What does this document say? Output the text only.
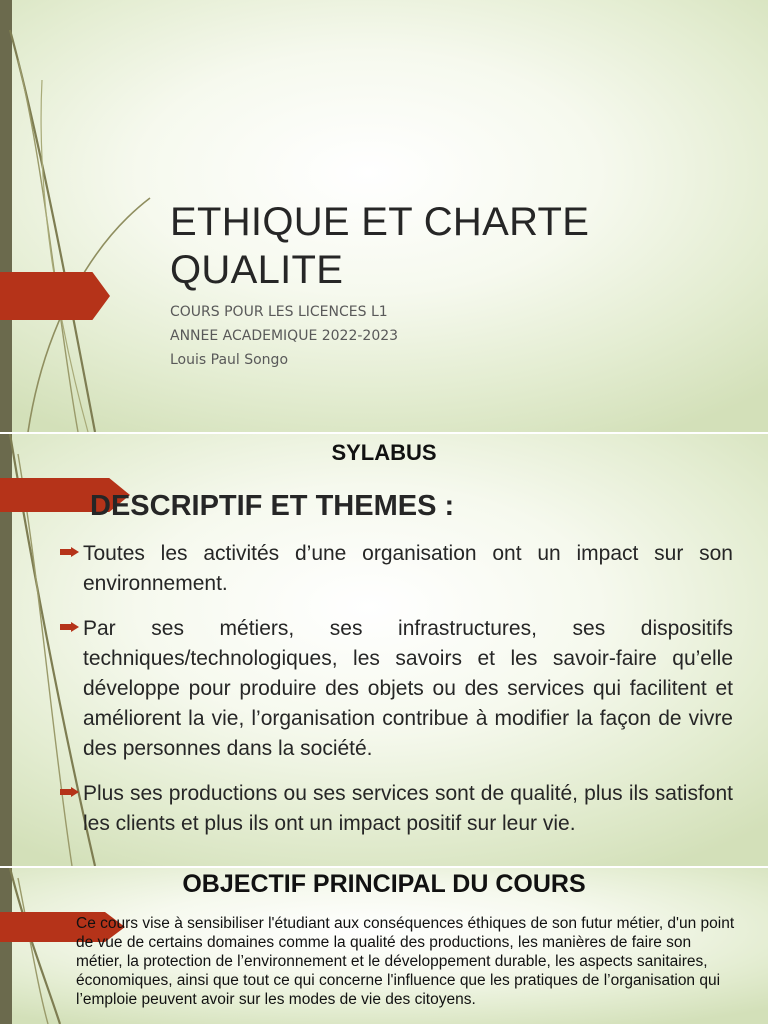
ETHIQUE ET CHARTE
QUALITE
COURS POUR LES LICENCES L1
ANNEE ACADEMIQUE 2022-2023
Louis Paul Songo
SYLABUS
DESCRIPTIF ET THEMES :
Toutes les activités d’une organisation ont un impact sur son environnement.
Par ses métiers, ses infrastructures, ses dispositifs techniques/technologiques, les savoirs et les savoir-faire qu’elle développe pour produire des objets ou des services qui facilitent et améliorent la vie, l’organisation contribue à modifier la façon de vivre des personnes dans la société.
Plus ses productions ou ses services sont de qualité, plus ils satisfont les clients et plus ils ont un impact positif sur leur vie.
OBJECTIF PRINCIPAL DU COURS
Ce cours vise à sensibiliser l'étudiant aux conséquences éthiques de son futur métier, d'un point de vue de certains domaines comme la qualité des productions, les manières de faire son métier, la protection de l’environnement et le développement durable, les aspects sanitaires, économiques, ainsi que tout ce qui concerne l'influence que les pratiques de l’organisation qui l’emploie peuvent avoir sur les modes de vie des citoyens.
